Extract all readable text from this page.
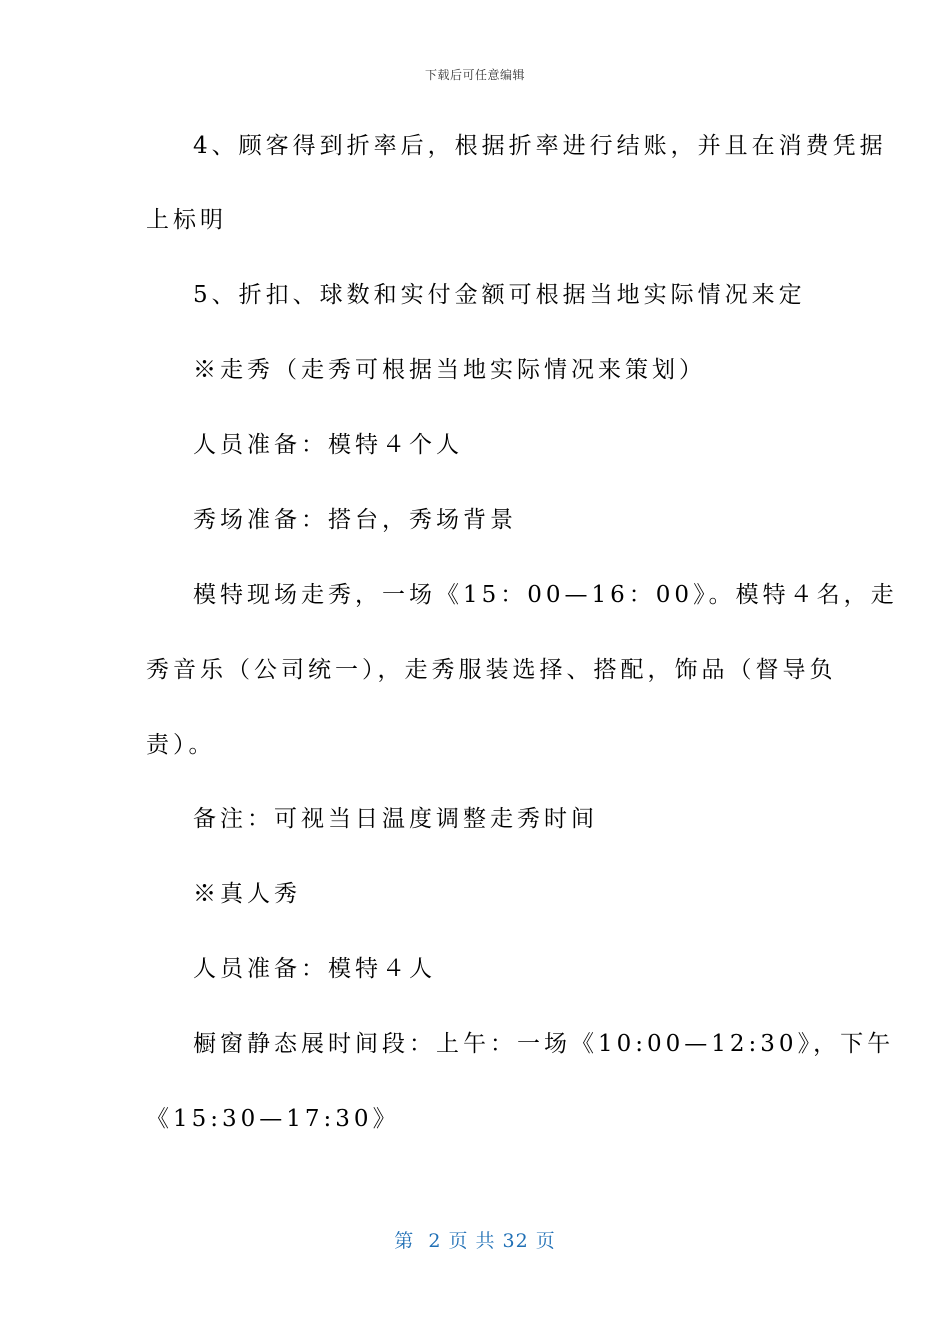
下载后可任意编辑
4、顾客得到折率后，根据折率进行结账，并且在消费凭据
上标明
5、折扣、球数和实付金额可根据当地实际情况来定
※走秀（走秀可根据当地实际情况来策划）
人员准备：模特４个人
秀场准备：搭台，秀场背景
模特现场走秀，一场《15：00—16：00》。模特４名，走
秀音乐（公司统一），走秀服装选择、搭配，饰品（督导负
责）。
备注：可视当日温度调整走秀时间
※真人秀
人员准备：模特４人
橱窗静态展时间段：上午：一场《10:00—12:30》，下午
《15:30—17:30》
第  2 页 共 32 页
